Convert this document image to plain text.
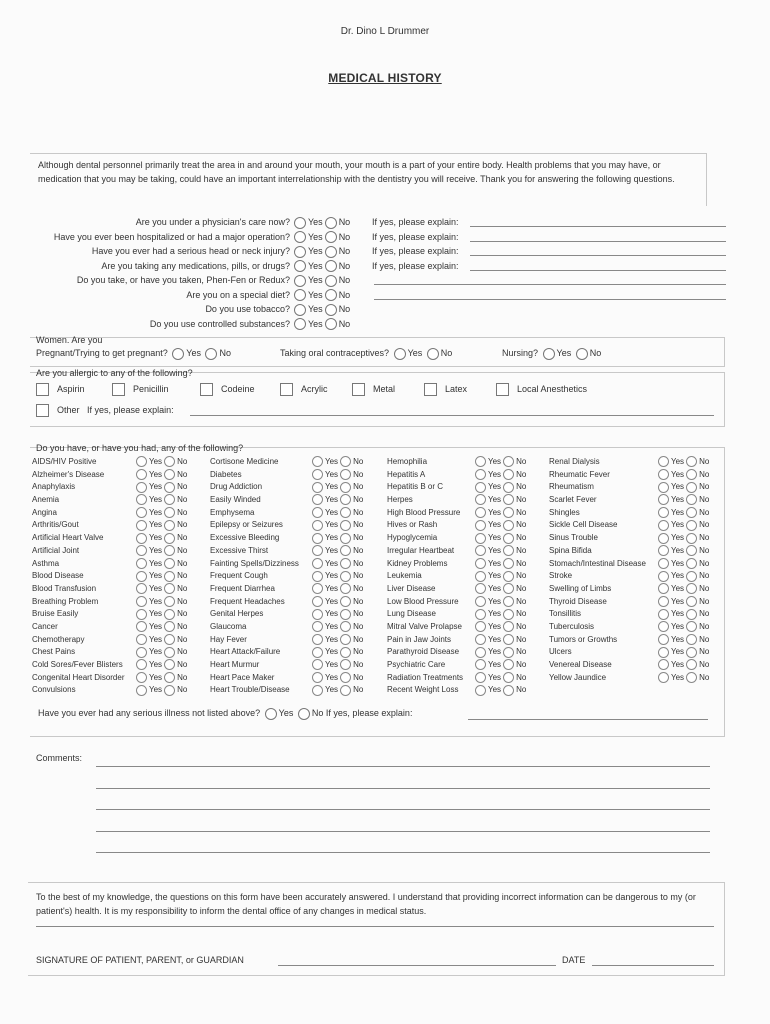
Dr. Dino L Drummer
MEDICAL HISTORY
Although dental personnel primarily treat the area in and around your mouth, your mouth is a part of your entire body. Health problems that you may have, or medication that you may be taking, could have an important interrelationship with the dentistry you will receive. Thank you for answering the following questions.
Are you under a physician's care now?	Yes No If yes, please explain:
Have you ever been hospitalized or had a major operation?	Yes No If yes, please explain:
Have you ever had a serious head or neck injury?	Yes No If yes, please explain:
Are you taking any medications, pills, or drugs?	Yes No If yes, please explain:
Do you take, or have you taken, Phen-Fen or Redux?	Yes No
Are you on a special diet?	Yes No
Do you use tobacco?	Yes No
Do you use controlled substances?	Yes No
Women. Are you
Pregnant/Trying to get pregnant? Yes No	Taking oral contraceptives? Yes No	Nursing? Yes No
Are you allergic to any of the following?
Aspirin	Penicillin	Codeine	Acrylic	Metal	Latex	Local Anesthetics
Other If yes, please explain:
Do you have, or have you had, any of the following?
AIDS/HIV Positive	Yes No
Alzheimer's Disease	Yes No
Anaphylaxis	Yes No
Anemia	Yes No
Angina	Yes No
Arthritis/Gout	Yes No
Artificial Heart Valve	Yes No
Artificial Joint	Yes No
Asthma	Yes No
Blood Disease	Yes No
Blood Transfusion	Yes No
Breathing Problem	Yes No
Bruise Easily	Yes No
Cancer	Yes No
Chemotherapy	Yes No
Chest Pains	Yes No
Cold Sores/Fever Blisters	Yes No
Congenital Heart Disorder	Yes No
Convulsions	Yes No
Cortisone Medicine	Yes No
Diabetes	Yes No
Drug Addiction	Yes No
Easily Winded	Yes No
Emphysema	Yes No
Epilepsy or Seizures	Yes No
Excessive Bleeding	Yes No
Excessive Thirst	Yes No
Fainting Spells/Dizziness	Yes No
Frequent Cough	Yes No
Frequent Diarrhea	Yes No
Frequent Headaches	Yes No
Genital Herpes	Yes No
Glaucoma	Yes No
Hay Fever	Yes No
Heart Attack/Failure	Yes No
Heart Murmur	Yes No
Heart Pace Maker	Yes No
Heart Trouble/Disease	Yes No
Hemophilia	Yes No
Hepatitis A	Yes No
Hepatitis B or C	Yes No
Herpes	Yes No
High Blood Pressure	Yes No
Hives or Rash	Yes No
Hypoglycemia	Yes No
Irregular Heartbeat	Yes No
Kidney Problems	Yes No
Leukemia	Yes No
Liver Disease	Yes No
Low Blood Pressure	Yes No
Lung Disease	Yes No
Mitral Valve Prolapse	Yes No
Pain in Jaw Joints	Yes No
Parathyroid Disease	Yes No
Psychiatric Care	Yes No
Radiation Treatments	Yes No
Recent Weight Loss	Yes No
Renal Dialysis	Yes No
Rheumatic Fever	Yes No
Rheumatism	Yes No
Scarlet Fever	Yes No
Shingles	Yes No
Sickle Cell Disease	Yes No
Sinus Trouble	Yes No
Spina Bifida	Yes No
Stomach/Intestinal Disease	Yes No
Stroke	Yes No
Swelling of Limbs	Yes No
Thyroid Disease	Yes No
Tonsillitis	Yes No
Tuberculosis	Yes No
Tumors or Growths	Yes No
Ulcers	Yes No
Venereal Disease	Yes No
Yellow Jaundice	Yes No
Have you ever had any serious illness not listed above? Yes No If yes, please explain:
Comments:
To the best of my knowledge, the questions on this form have been accurately answered. I understand that providing incorrect information can be dangerous to my (or patient's) health. It is my responsibility to inform the dental office of any changes in medical status.
SIGNATURE OF PATIENT, PARENT, or GUARDIAN	DATE
